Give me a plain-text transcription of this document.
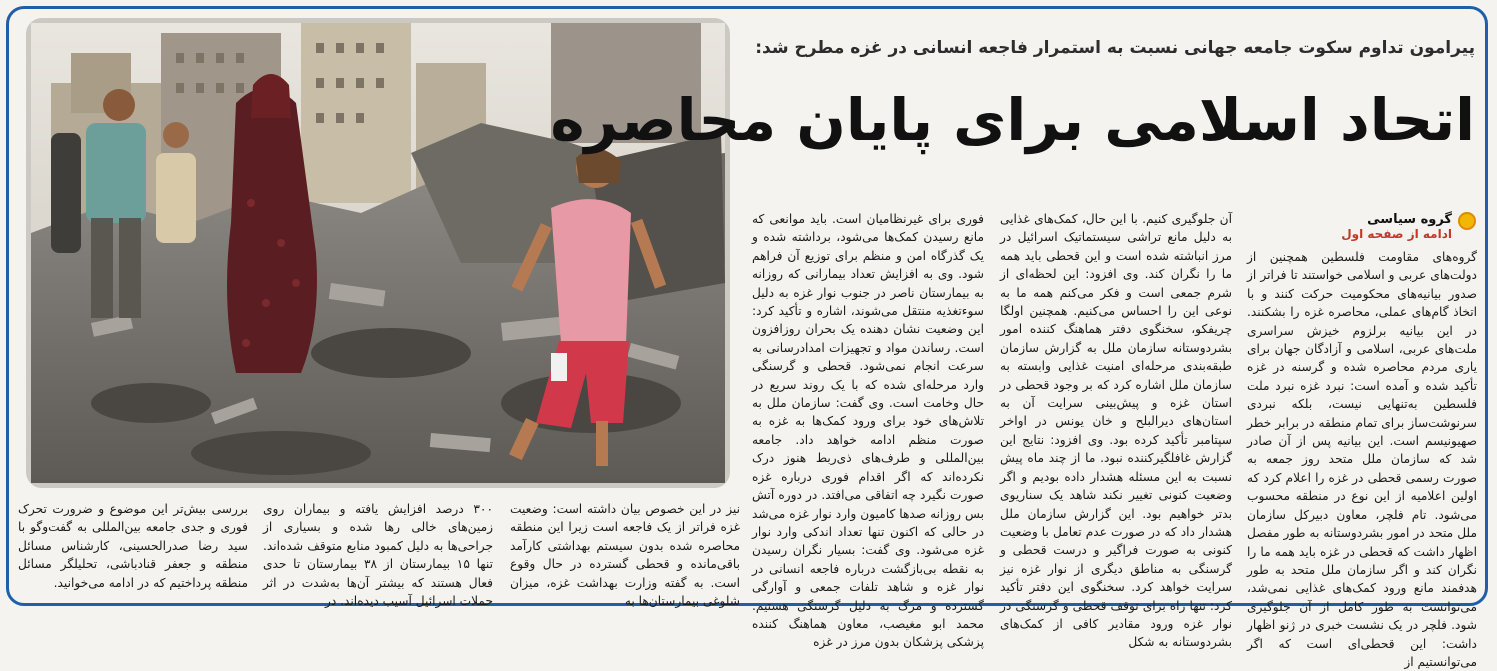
پیرامون تداوم سکوت جامعه جهانی نسبت به استمرار فاجعه انسانی در غزه مطرح شد:
اتحاد اسلامی برای پایان محاصره
گروه سیاسی
ادامه از صفحه اول

گروه‌های مقاومت فلسطین همچنین از دولت‌های عربی و اسلامی خواستند تا فراتر از صدور بیانیه‌های محکومیت حرکت کنند و با اتخاذ گام‌های عملی، محاصره غزه را بشکنند. در این بیانیه برلزوم خیزش سراسری ملت‌های عربی، اسلامی و آزادگان جهان برای یاری مردم محاصره شده و گرسنه در غزه تأکید شده و آمده است: نبرد غزه نبرد ملت فلسطین به‌تنهایی نیست، بلکه نبردی سرنوشت‌ساز برای تمام منطقه در برابر خطر صهیونیسم است. این بیانیه پس از آن صادر شد که سازمان ملل متحد روز جمعه به صورت رسمی قحطی در غزه را اعلام کرد که اولین اعلامیه از این نوع در منطقه محسوب می‌شود. تام فلچر، معاون دبیرکل سازمان ملل متحد در امور بشردوستانه به طور مفصل اظهار داشت که قحطی در غزه باید همه ما را نگران کند و اگر سازمان ملل متحد به طور هدفمند مانع ورود کمک‌های غذایی نمی‌شد، می‌توانست به طور کامل از آن جلوگیری شود. فلچر در یک نشست خبری در ژنو اظهار داشت: این قحطی‌ای است که اگر می‌توانستیم از

آن جلوگیری کنیم. با این حال، کمک‌های غذایی به دلیل مانع تراشی سیستماتیک اسرائیل در مرز انباشته شده است و این قحطی باید همه ما را نگران کند. وی افزود: این لحظه‌ای از شرم جمعی است و فکر می‌کنم همه ما به نوعی این را احساس می‌کنیم. همچنین اولگا چریفکو، سخنگوی دفتر هماهنگ کننده امور بشردوستانه سازمان ملل به گزارش سازمان طبقه‌بندی مرحله‌ای امنیت غذایی وابسته به سازمان ملل اشاره کرد که بر وجود قحطی در استان غزه و پیش‌بینی سرایت آن به استان‌های دیرالبلح و خان یونس در اواخر سپتامبر تأکید کرده بود. وی افزود: نتایج این گزارش غافلگیرکننده نبود. ما از چند ماه پیش نسبت به این مسئله هشدار داده بودیم و اگر وضعیت کنونی تغییر نکند شاهد یک سناریوی بدتر خواهیم بود. این گزارش سازمان ملل هشدار داد که در صورت عدم تعامل با وضعیت کنونی به صورت فراگیر و درست قحطی و گرسنگی به مناطق دیگری از نوار غزه نیز سرایت خواهد کرد. سخنگوی این دفتر تأکید کرد: تنها راه برای توقف قحطی و گرسنگی در نوار غزه ورود مقادیر کافی از کمک‌های بشردوستانه به شکل

فوری برای غیرنظامیان است. باید موانعی که مانع رسیدن کمک‌ها می‌شود، برداشته شده و یک گذرگاه امن و منظم برای توزیع آن فراهم شود. وی به افزایش تعداد بیمارانی که روزانه به بیمارستان ناصر در جنوب نوار غزه به دلیل سوءتغذیه منتقل می‌شوند، اشاره و تأکید کرد: این وضعیت نشان دهنده یک بحران روزافزون است. رساندن مواد و تجهیزات امدادرسانی به سرعت انجام نمی‌شود. قحطی و گرسنگی وارد مرحله‌ای شده که با یک روند سریع در حال وخامت است. وی گفت: سازمان ملل به تلاش‌های خود برای ورود کمک‌ها به غزه به صورت منظم ادامه خواهد داد. جامعه بین‌المللی و طرف‌های ذی‌ربط هنوز درک نکرده‌اند که اگر اقدام فوری درباره غزه صورت نگیرد چه اتفاقی می‌افتد. در دوره آتش بس روزانه صدها کامیون وارد نوار غزه می‌شد در حالی که اکنون تنها تعداد اندکی وارد نوار غزه می‌شود. وی گفت: بسیار نگران رسیدن به نقطه بی‌بازگشت درباره فاجعه انسانی در نوار غزه و شاهد تلفات جمعی و آوارگی گسترده و مرگ به دلیل گرسنگی هستیم. محمد ابو مغیصب، معاون هماهنگ کننده پزشکی پزشکان بدون مرز در غزه

نیز در این خصوص بیان داشته است: وضعیت غزه فراتر از یک فاجعه است زیرا این منطقه محاصره شده بدون سیستم بهداشتی کارآمد باقی‌مانده و قحطی گسترده در حال وقوع است. به گفته وزارت بهداشت غزه، میزان شلوغی بیمارستان‌ها به

۳۰۰ درصد افزایش یافته و بیماران روی زمین‌های خالی رها شده و بسیاری از جراحی‌ها به دلیل کمبود منابع متوقف شده‌اند. تنها ۱۵ بیمارستان از ۳۸ بیمارستان تا حدی فعال هستند که بیشتر آن‌ها به‌شدت در اثر حملات اسرائیل آسیب دیده‌اند. در

بررسی بیش‌تر این موضوع و ضرورت تحرک فوری و جدی جامعه بین‌المللی به گفت‌وگو با سید رضا صدرالحسینی، کارشناس مسائل منطقه و جعفر قنادباشی، تحلیلگر مسائل منطقه پرداختیم که در ادامه می‌خوانید.
